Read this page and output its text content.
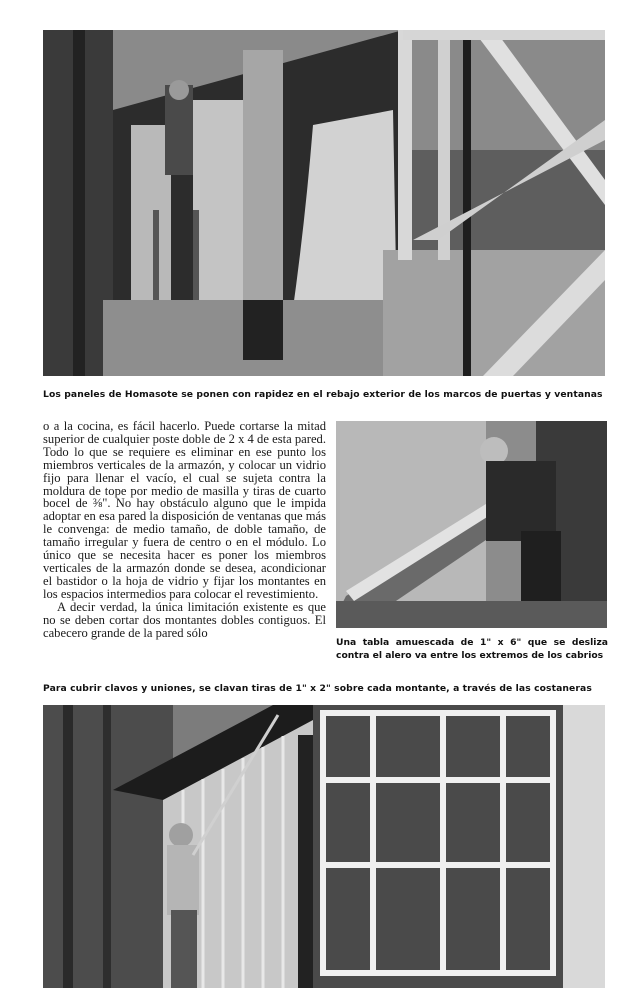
Los paneles de Homasote se ponen con rapidez en el rebajo exterior de los marcos de puertas y ventanas

o a la cocina, es fácil hacerlo. Puede cortarse la mitad superior de cualquier poste doble de 2 x 4 de esta pared. Todo lo que se requiere es eliminar en ese punto los miembros verticales de la armazón, y colocar un vidrio fijo para llenar el vacío, el cual se sujeta contra la moldura de tope por medio de masilla y tiras de cuarto bocel de ⅜". No hay obstáculo alguno que le impida adoptar en esa pared la disposición de ventanas que más le convenga: de medio tamaño, de doble tamaño, de tamaño irregular y fuera de centro o en el módulo. Lo único que se necesita hacer es poner los miembros verticales de la armazón donde se desea, acondicionar el bastidor o la hoja de vidrio y fijar los montantes en los espacios intermedios para colocar el revestimiento.

A decir verdad, la única limitación existente es que no se deben cortar dos montantes dobles contiguos. El cabecero grande de la pared sólo

Una tabla amuescada de 1" x 6" que se desliza contra el alero va entre los extremos de los cabrios
Para cubrir clavos y uniones, se clavan tiras de 1" x 2" sobre cada montante, a través de las costaneras
